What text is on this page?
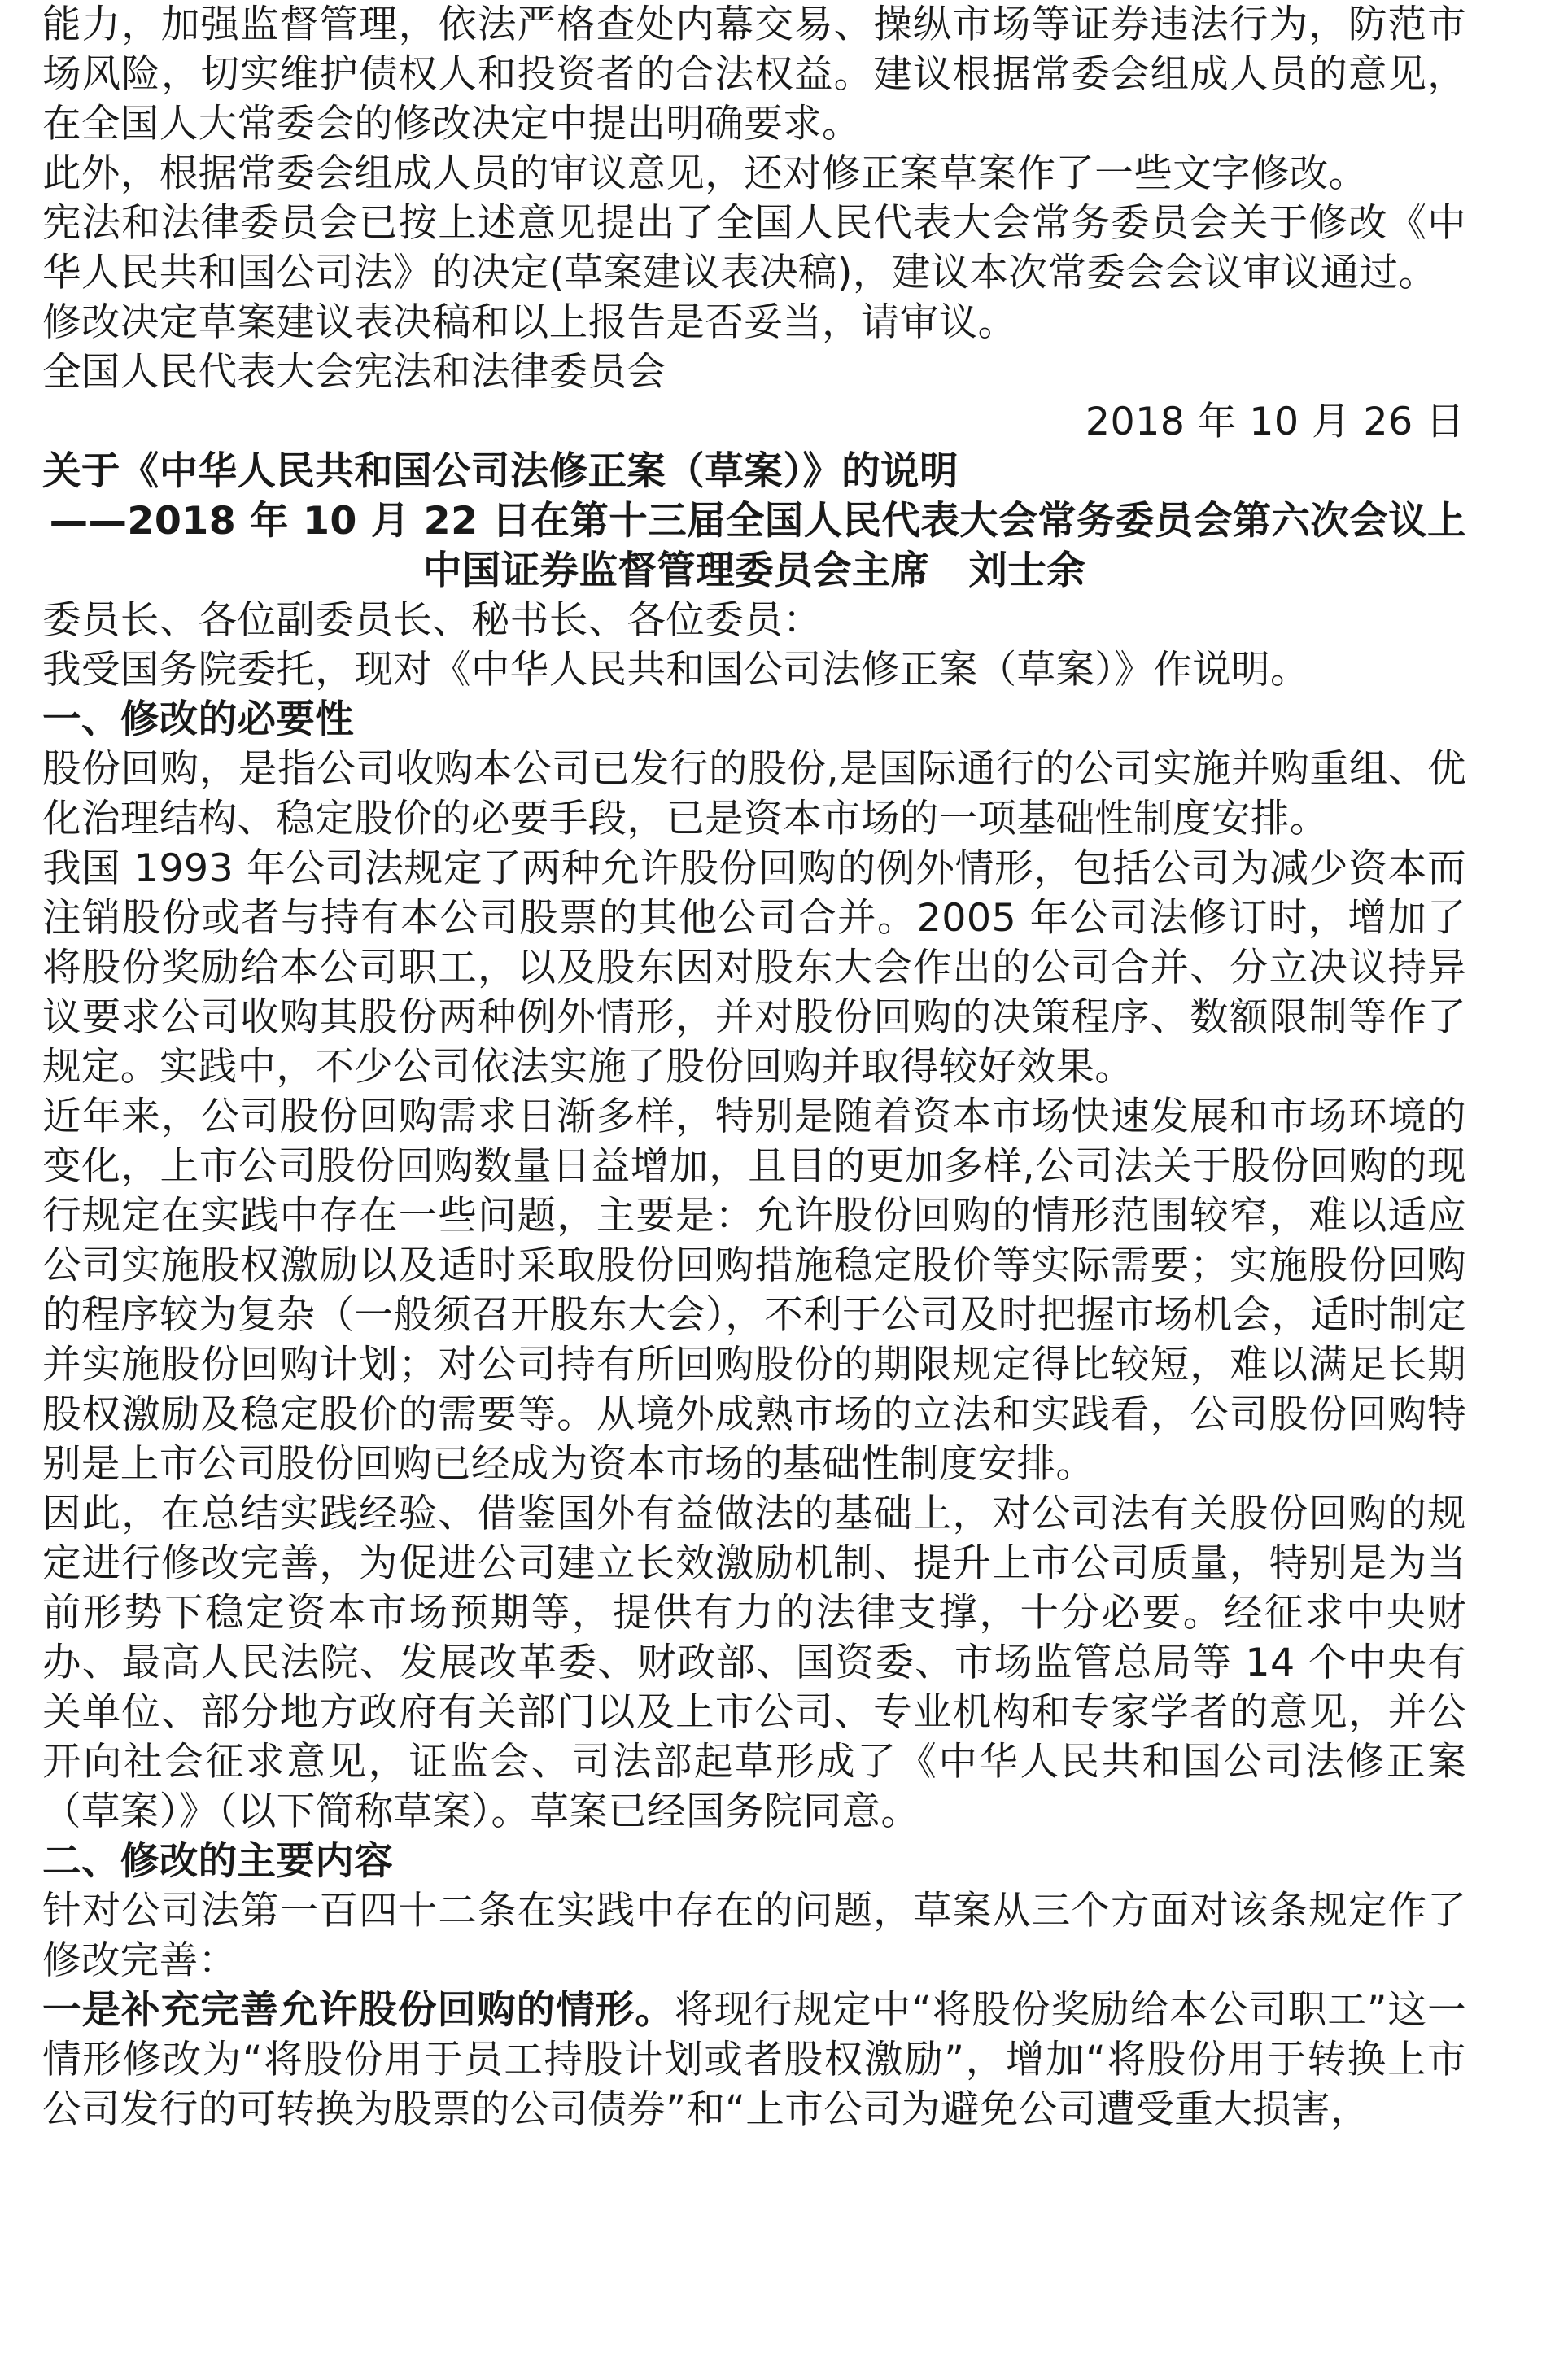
能力，加强监督管理，依法严格查处内幕交易、操纵市场等证券违法行为，防范市场风险，切实维护债权人和投资者的合法权益。建议根据常委会组成人员的意见，在全国人大常委会的修改决定中提出明确要求。

此外，根据常委会组成人员的审议意见，还对修正案草案作了一些文字修改。

宪法和法律委员会已按上述意见提出了全国人民代表大会常务委员会关于修改《中华人民共和国公司法》的决定(草案建议表决稿)，建议本次常委会会议审议通过。

修改决定草案建议表决稿和以上报告是否妥当，请审议。

全国人民代表大会宪法和法律委员会

2018 年 10 月 26 日

关于《中华人民共和国公司法修正案（草案）》的说明

——2018 年 10 月 22 日在第十三届全国人民代表大会常务委员会第六次会议上

中国证券监督管理委员会主席　刘士余

委员长、各位副委员长、秘书长、各位委员：

我受国务院委托，现对《中华人民共和国公司法修正案（草案）》作说明。

一、修改的必要性

股份回购，是指公司收购本公司已发行的股份,是国际通行的公司实施并购重组、优化治理结构、稳定股价的必要手段，已是资本市场的一项基础性制度安排。

我国 1993 年公司法规定了两种允许股份回购的例外情形，包括公司为减少资本而注销股份或者与持有本公司股票的其他公司合并。2005 年公司法修订时，增加了将股份奖励给本公司职工，以及股东因对股东大会作出的公司合并、分立决议持异议要求公司收购其股份两种例外情形，并对股份回购的决策程序、数额限制等作了规定。实践中，不少公司依法实施了股份回购并取得较好效果。

近年来，公司股份回购需求日渐多样，特别是随着资本市场快速发展和市场环境的变化，上市公司股份回购数量日益增加，且目的更加多样,公司法关于股份回购的现行规定在实践中存在一些问题，主要是：允许股份回购的情形范围较窄，难以适应公司实施股权激励以及适时采取股份回购措施稳定股价等实际需要；实施股份回购的程序较为复杂（一般须召开股东大会），不利于公司及时把握市场机会，适时制定并实施股份回购计划；对公司持有所回购股份的期限规定得比较短，难以满足长期股权激励及稳定股价的需要等。从境外成熟市场的立法和实践看，公司股份回购特别是上市公司股份回购已经成为资本市场的基础性制度安排。

因此，在总结实践经验、借鉴国外有益做法的基础上，对公司法有关股份回购的规定进行修改完善，为促进公司建立长效激励机制、提升上市公司质量，特别是为当前形势下稳定资本市场预期等，提供有力的法律支撑，十分必要。经征求中央财办、最高人民法院、发展改革委、财政部、国资委、市场监管总局等 14 个中央有关单位、部分地方政府有关部门以及上市公司、专业机构和专家学者的意见，并公开向社会征求意见，证监会、司法部起草形成了《中华人民共和国公司法修正案（草案）》（以下简称草案）。草案已经国务院同意。

二、修改的主要内容

针对公司法第一百四十二条在实践中存在的问题，草案从三个方面对该条规定作了修改完善：

一是补充完善允许股份回购的情形。将现行规定中“将股份奖励给本公司职工”这一情形修改为“将股份用于员工持股计划或者股权激励”，增加“将股份用于转换上市公司发行的可转换为股票的公司债券”和“上市公司为避免公司遭受重大损害，
